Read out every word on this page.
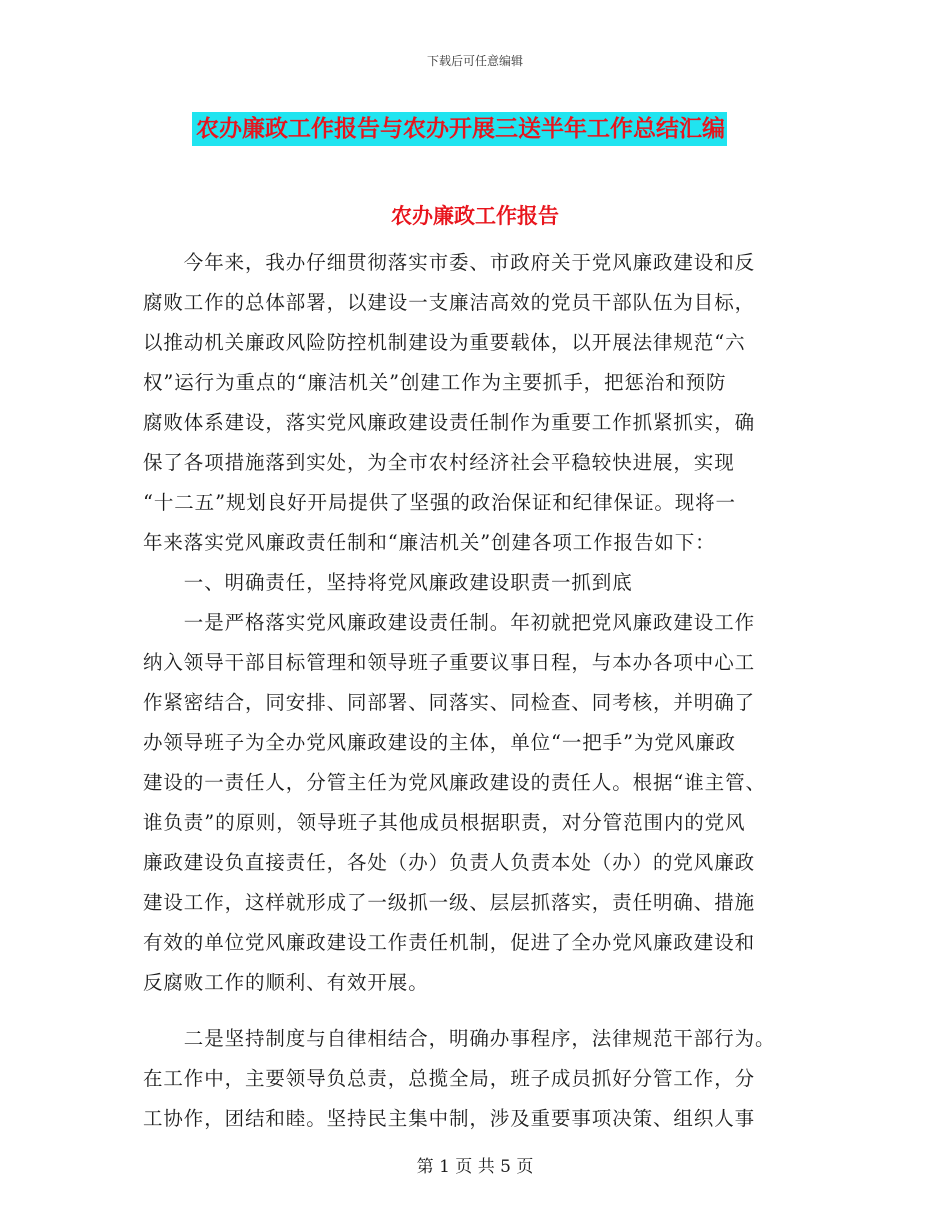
下载后可任意编辑
农办廉政工作报告与农办开展三送半年工作总结汇编
农办廉政工作报告
　　今年来，我办仔细贯彻落实市委、市政府关于党风廉政建设和反
腐败工作的总体部署，以建设一支廉洁高效的党员干部队伍为目标，
以推动机关廉政风险防控机制建设为重要载体，以开展法律规范“六
权”运行为重点的“廉洁机关”创建工作为主要抓手，把惩治和预防
腐败体系建设，落实党风廉政建设责任制作为重要工作抓紧抓实，确
保了各项措施落到实处，为全市农村经济社会平稳较快进展，实现
“十二五”规划良好开局提供了坚强的政治保证和纪律保证。现将一
年来落实党风廉政责任制和“廉洁机关”创建各项工作报告如下：
　　一、明确责任，坚持将党风廉政建设职责一抓到底
　　一是严格落实党风廉政建设责任制。年初就把党风廉政建设工作
纳入领导干部目标管理和领导班子重要议事日程，与本办各项中心工
作紧密结合，同安排、同部署、同落实、同检查、同考核，并明确了
办领导班子为全办党风廉政建设的主体，单位“一把手”为党风廉政
建设的一责任人，分管主任为党风廉政建设的责任人。根据“谁主管、
谁负责”的原则，领导班子其他成员根据职责，对分管范围内的党风
廉政建设负直接责任，各处（办）负责人负责本处（办）的党风廉政
建设工作，这样就形成了一级抓一级、层层抓落实，责任明确、措施
有效的单位党风廉政建设工作责任机制，促进了全办党风廉政建设和
反腐败工作的顺利、有效开展。
　　二是坚持制度与自律相结合，明确办事程序，法律规范干部行为。
在工作中，主要领导负总责，总揽全局，班子成员抓好分管工作，分
工协作，团结和睦。坚持民主集中制，涉及重要事项决策、组织人事
第 1 页 共 5 页
